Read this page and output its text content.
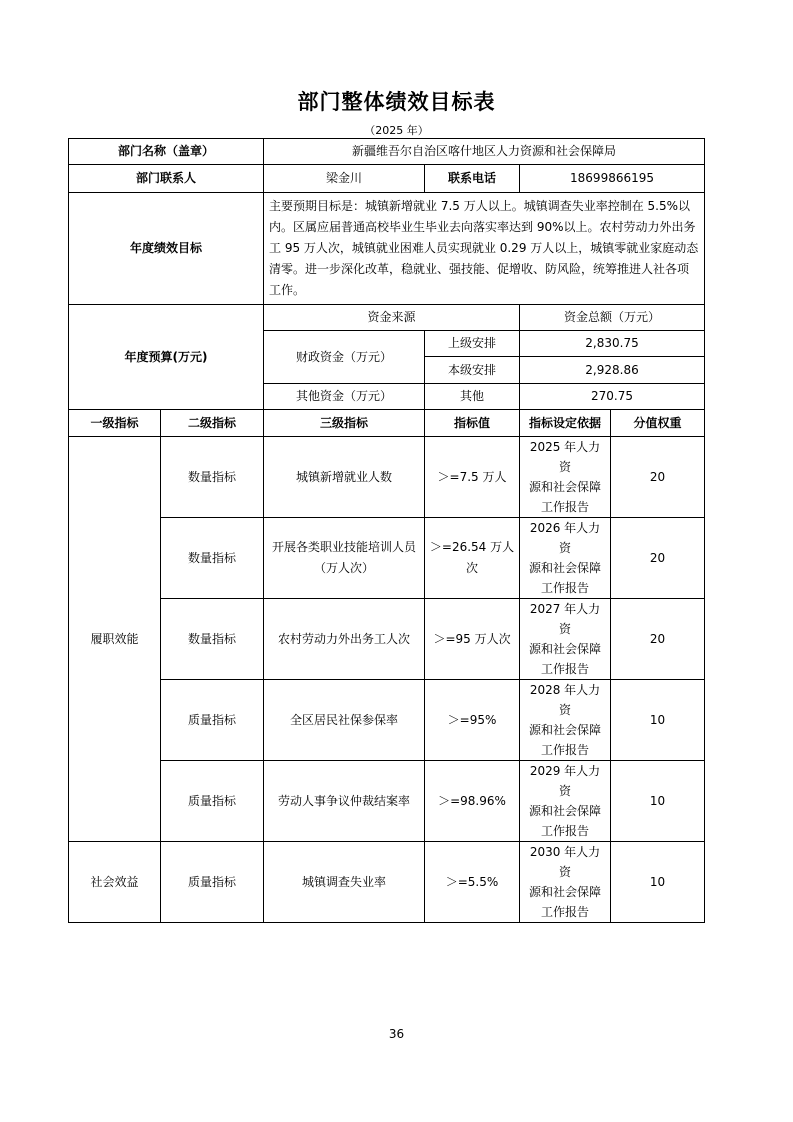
部门整体绩效目标表
（2025 年）
部门名称（盖章）		新疆维吾尔自治区喀什地区人力资源和社会保障局			
部门联系人		梁金川	联系电话	18699866195	
年度绩效目标		主要预期目标是：城镇新增就业 7.5 万人以上。城镇调查失业率控制在 5.5%以内。区属应届普通高校毕业生毕业去向落实率达到 90%以上。农村劳动力外出务工 95 万人次，城镇就业困难人员实现就业 0.29 万人以上，城镇零就业家庭动态清零。进一步深化改革，稳就业、强技能、促增收、防风险，统筹推进人社各项工作。			
年度预算(万元)		资金来源		资金总额（万元）	
		财政资金（万元）	上级安排	2,830.75	
			本级安排	2,928.86	
		其他资金（万元）	其他	270.75	
一级指标	二级指标	三级指标	指标值	指标设定依据	分值权重
履职效能	数量指标	城镇新增就业人数	＞=7.5 万人	2025 年人力资
源和社会保障
工作报告	20
	数量指标	开展各类职业技能培训人员
（万人次）	＞=26.54 万人
次	2026 年人力资
源和社会保障
工作报告	20
	数量指标	农村劳动力外出务工人次	＞=95 万人次	2027 年人力资
源和社会保障
工作报告	20
	质量指标	全区居民社保参保率	＞=95%	2028 年人力资
源和社会保障
工作报告	10
	质量指标	劳动人事争议仲裁结案率	＞=98.96%	2029 年人力资
源和社会保障
工作报告	10
社会效益	质量指标	城镇调查失业率	＞=5.5%	2030 年人力资
源和社会保障
工作报告	10
36
